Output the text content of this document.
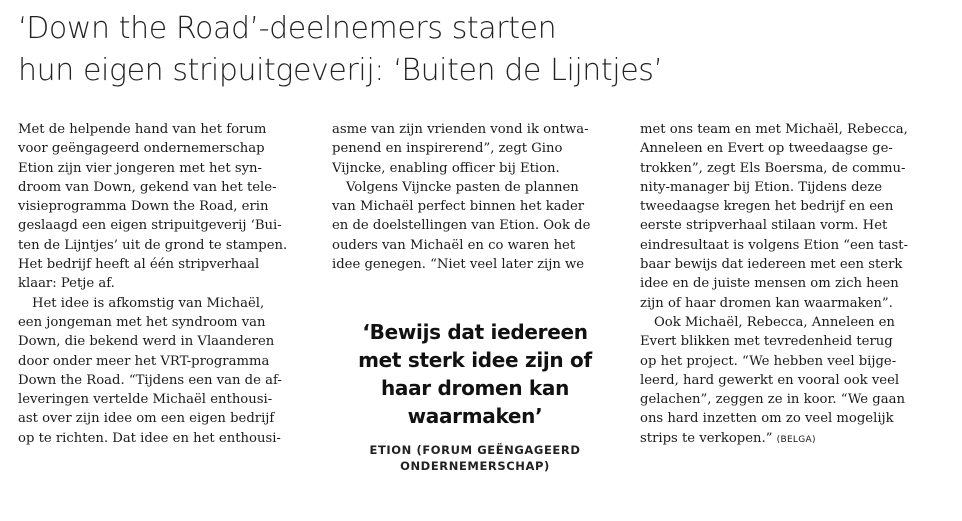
‘Down the Road’-deelnemers starten
hun eigen stripuitgeverij: ‘Buiten de Lijntjes’
Met de helpende hand van het forum
voor geëngageerd ondernemerschap
Etion zijn vier jongeren met het syn-
droom van Down, gekend van het tele-
visieprogramma Down the Road, erin
geslaagd een eigen stripuitgeverij ‘Bui-
ten de Lijntjes’ uit de grond te stampen.
Het bedrijf heeft al één stripverhaal
klaar: Petje af.
Het idee is afkomstig van Michaël,
een jongeman met het syndroom van
Down, die bekend werd in Vlaanderen
door onder meer het VRT-programma
Down the Road. “Tijdens een van de af-
leveringen vertelde Michaël enthousi-
ast over zijn idee om een eigen bedrijf
op te richten. Dat idee en het enthousi-
asme van zijn vrienden vond ik ontwa-
penend en inspirerend”, zegt Gino
Vijncke, enabling officer bij Etion.
Volgens Vijncke pasten de plannen
van Michaël perfect binnen het kader
en de doelstellingen van Etion. Ook de
ouders van Michaël en co waren het
idee genegen. “Niet veel later zijn we
‘Bewijs dat iedereen
met sterk idee zijn of
haar dromen kan
waarmaken’
ETION (FORUM GEËNGAGEERD
ONDERNEMERSCHAP)
met ons team en met Michaël, Rebecca,
Anneleen en Evert op tweedaagse ge-
trokken”, zegt Els Boersma, de commu-
nity-manager bij Etion. Tijdens deze
tweedaagse kregen het bedrijf en een
eerste stripverhaal stilaan vorm. Het
eindresultaat is volgens Etion “een tast-
baar bewijs dat iedereen met een sterk
idee en de juiste mensen om zich heen
zijn of haar dromen kan waarmaken”.
Ook Michaël, Rebecca, Anneleen en
Evert blikken met tevredenheid terug
op het project. “We hebben veel bijge-
leerd, hard gewerkt en vooral ook veel
gelachen”, zeggen ze in koor. “We gaan
ons hard inzetten om zo veel mogelijk
strips te verkopen.” (BELGA)
